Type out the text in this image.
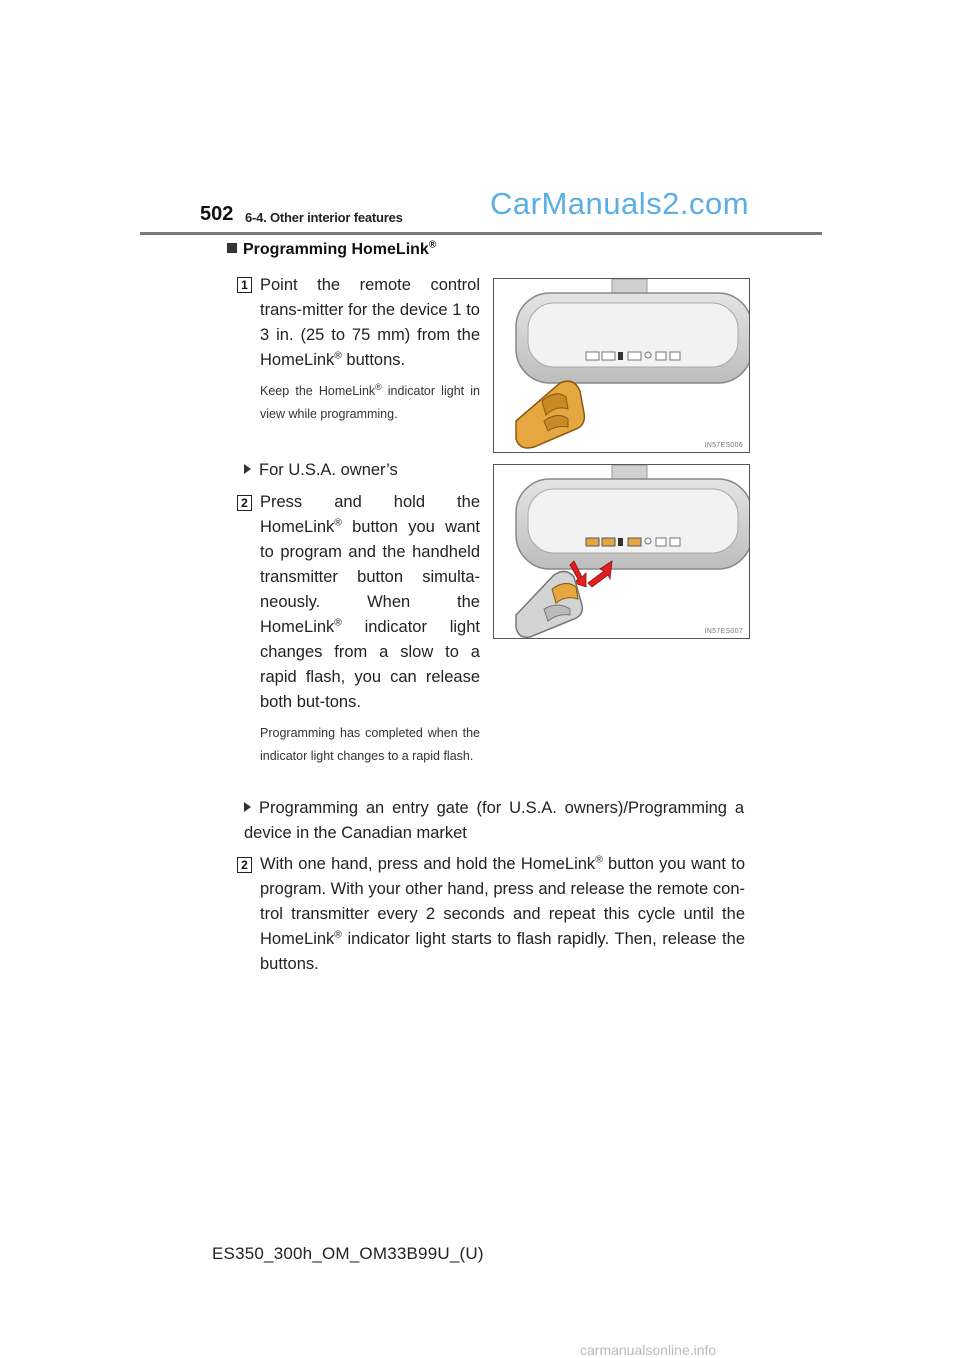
502 6-4. Other interior features	CarManuals2.com
Programming HomeLink®
1 Point the remote control trans-mitter for the device 1 to 3 in. (25 to 75 mm) from the HomeLink® buttons.
Keep the HomeLink® indicator light in view while programming.
IN57ES006
For U.S.A. owner’s
2 Press and hold the HomeLink® button you want to program and the handheld transmitter button simulta-neously. When the HomeLink® indicator light changes from a slow to a rapid flash, you can release both but-tons.
Programming has completed when the indicator light changes to a rapid flash.
IN57ES007
Programming an entry gate (for U.S.A. owners)/Programming a device in the Canadian market
2 With one hand, press and hold the HomeLink® button you want to program. With your other hand, press and release the remote con-trol transmitter every 2 seconds and repeat this cycle until the HomeLink® indicator light starts to flash rapidly. Then, release the buttons.
ES350_300h_OM_OM33B99U_(U)
carmanualsonline.info
